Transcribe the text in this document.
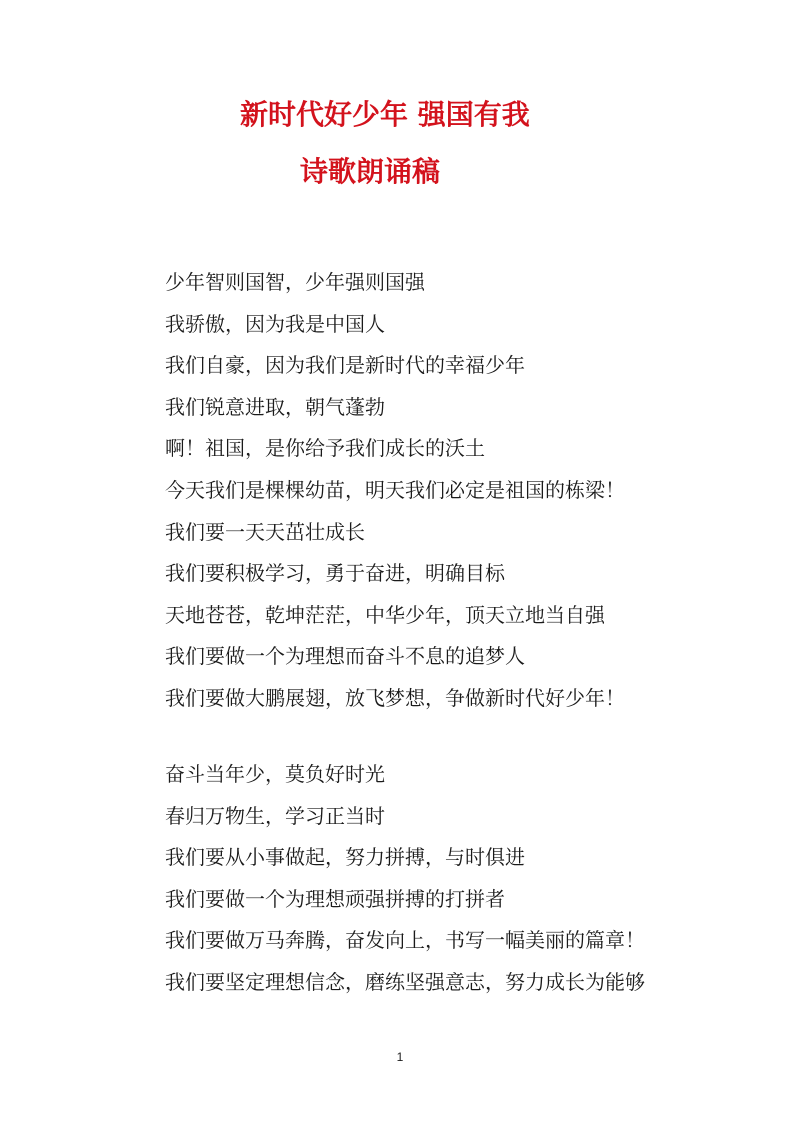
新时代好少年 强国有我
诗歌朗诵稿
少年智则国智，少年强则国强
我骄傲，因为我是中国人
我们自豪，因为我们是新时代的幸福少年
我们锐意进取，朝气蓬勃
啊！祖国，是你给予我们成长的沃土
今天我们是棵棵幼苗，明天我们必定是祖国的栋梁！
我们要一天天茁壮成长
我们要积极学习，勇于奋进，明确目标
天地苍苍，乾坤茫茫，中华少年，顶天立地当自强
我们要做一个为理想而奋斗不息的追梦人
我们要做大鹏展翅，放飞梦想，争做新时代好少年！
奋斗当年少，莫负好时光
春归万物生，学习正当时
我们要从小事做起，努力拼搏，与时俱进
我们要做一个为理想顽强拼搏的打拼者
我们要做万马奔腾，奋发向上，书写一幅美丽的篇章！
我们要坚定理想信念，磨练坚强意志，努力成长为能够
1
